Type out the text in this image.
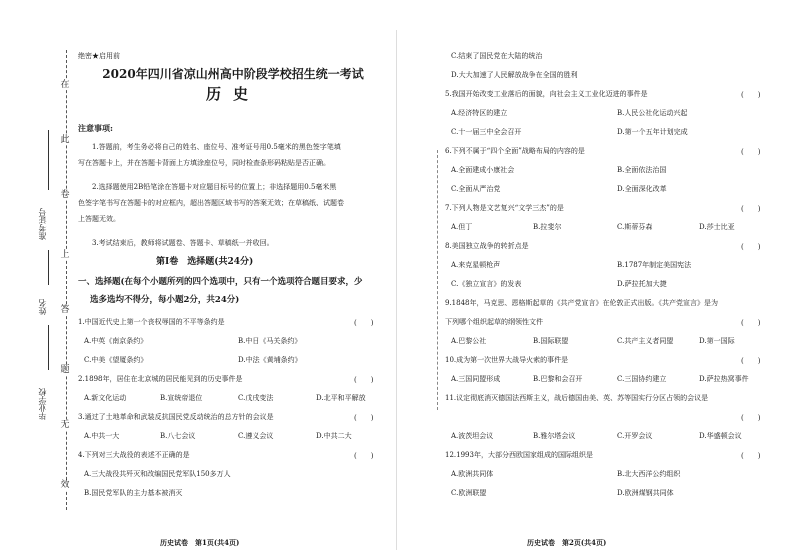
在
此
卷
上
答
题
无
效
准考证号
姓名
毕业学校
绝密★启用前
2020年四川省凉山州高中阶段学校招生统一考试
历史
注意事项:
1.答题前，考生务必将自己的姓名、座位号、准考证号用0.5毫米的黑色签字笔填
写在答题卡上，并在答题卡背面上方填涂座位号，同时检查条形码粘贴是否正确。
2.选择题使用2B铅笔涂在答题卡对应题目标号的位置上；非选择题用0.5毫米黑
色签字笔书写在答题卡的对应框内，超出答题区域书写的答案无效；在草稿纸、试题卷
上答题无效。
3.考试结束后，教师将试题卷、答题卡、草稿纸一并收回。
第Ⅰ卷　选择题(共24分)
一、选择题(在每个小题所列的四个选项中，只有一个选项符合题目要求，少
选多选均不得分，每小题2分，共24分)
1.中国近代史上第一个丧权辱国的不平等条约是	(　　)
A.中英《南京条约》	B.中日《马关条约》
C.中美《望厦条约》	D.中法《黄埔条约》
2.1898年，居住在北京城的居民能见到的历史事件是	(　　)
A.新文化运动	B.宣统帝退位	C.戊戌变法	D.北平和平解放
3.通过了土地革命和武装反抗国民党反动统治的总方针的会议是	(　　)
A.中共一大	B.八七会议	C.遵义会议	D.中共二大
4.下列对三大战役的表述不正确的是	(　　)
A.三大战役共歼灭和改编国民党军队150多万人
B.国民党军队的主力基本被消灭
历史试卷　第1页(共4页)
C.结束了国民党在大陆的统治
D.大大加速了人民解放战争在全国的胜利
5.我国开始改变工业落后的面貌，向社会主义工业化迈进的事件是	(　　)
A.经济特区的建立	B.人民公社化运动兴起
C.十一届三中全会召开	D.第一个五年计划完成
6.下列不属于“四个全面”战略布局的内容的是	(　　)
A.全面建成小康社会	B.全面依法治国
C.全面从严治党	D.全面深化改革
7.下列人物是文艺复兴“文学三杰”的是	(　　)
A.但丁	B.拉斐尔	C.斯蒂芬森	D.莎士比亚
8.美国独立战争的转折点是	(　　)
A.来克星顿枪声	B.1787年制定美国宪法
C.《独立宣言》的发表	D.萨拉托加大捷
9.1848年，马克思、恩格斯起草的《共产党宣言》在伦敦正式出版。《共产党宣言》是为
下列哪个组织起草的纲领性文件	(　　)
A.巴黎公社	B.国际联盟	C.共产主义者同盟	D.第一国际
10.成为第一次世界大战导火索的事件是	(　　)
A.三国同盟形成	B.巴黎和会召开	C.三国协约建立	D.萨拉热窝事件
11.议定彻底消灭德国法西斯主义，战后德国由美、英、苏等国实行分区占领的会议是
(　　)
A.波茨坦会议	B.雅尔塔会议	C.开罗会议	D.华盛顿会议
12.1993年，大部分西欧国家组成的国际组织是	(　　)
A.欧洲共同体	B.北大西洋公约组织
C.欧洲联盟	D.欧洲煤钢共同体
历史试卷　第2页(共4页)
